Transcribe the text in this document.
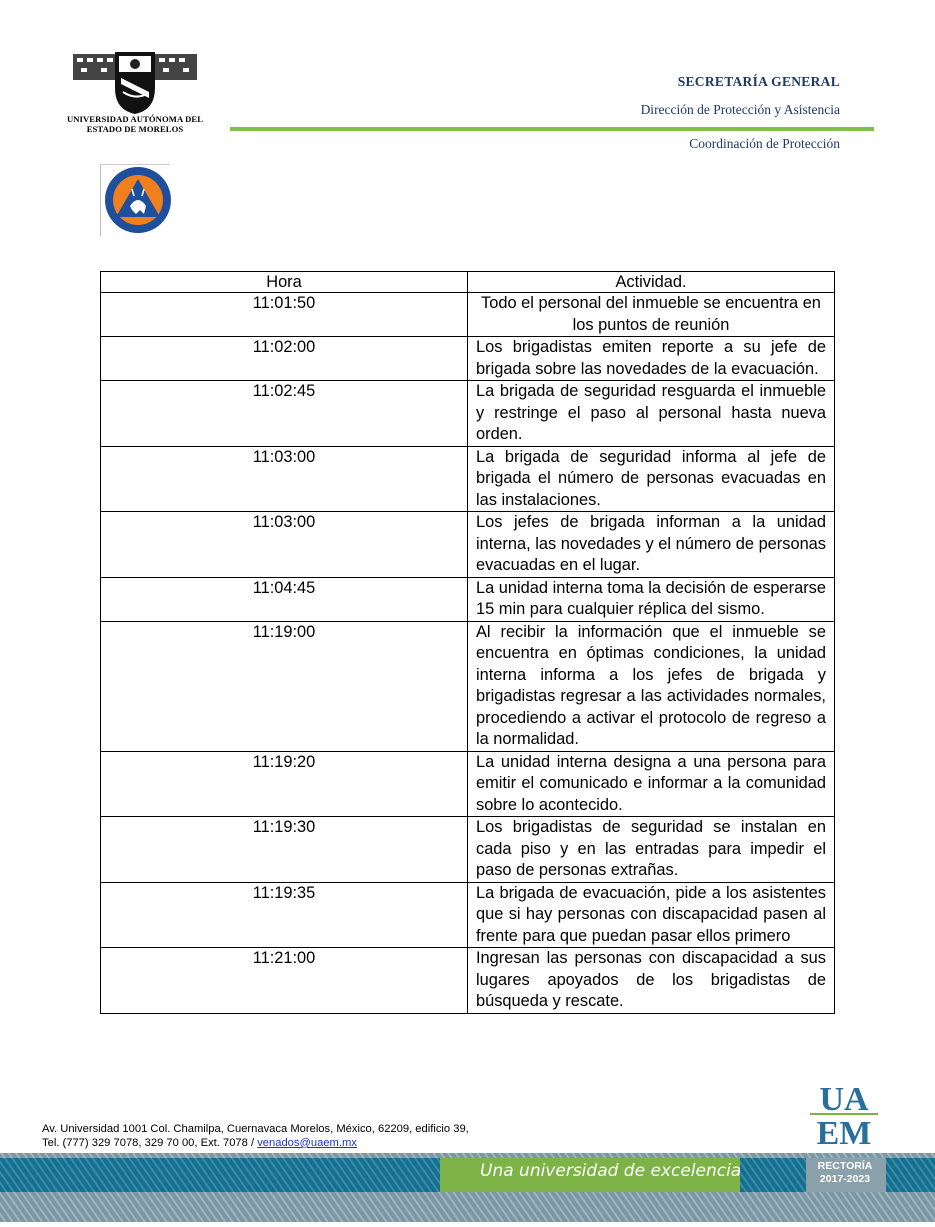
UNIVERSIDAD AUTÓNOMA DEL
ESTADO DE MORELOS
SECRETARÍA GENERAL
Dirección de Protección y Asistencia
Coordinación de Protección
Hora	Actividad.
11:01:50	Todo el personal del inmueble se encuentra en los puntos de reunión
11:02:00	Los brigadistas emiten reporte a su jefe de brigada sobre las novedades de la evacuación.
11:02:45	La brigada de seguridad resguarda el inmueble y restringe el paso al personal hasta nueva orden.
11:03:00	La brigada de seguridad informa al jefe de brigada el número de personas evacuadas en las instalaciones.
11:03:00	Los jefes de brigada informan a la unidad interna, las novedades y el número de personas evacuadas en el lugar.
11:04:45	La unidad interna toma la decisión de esperarse 15 min para cualquier réplica del sismo.
11:19:00	Al recibir la información que el inmueble se encuentra en óptimas condiciones, la unidad interna informa a los jefes de brigada y brigadistas regresar a las actividades normales, procediendo a activar el protocolo de regreso a la normalidad.
11:19:20	La unidad interna designa a una persona para emitir el comunicado e informar a la comunidad sobre lo acontecido.
11:19:30	Los brigadistas de seguridad se instalan en cada piso y en las entradas para impedir el paso de personas extrañas.
11:19:35	La brigada de evacuación, pide a los asistentes que si hay personas con discapacidad pasen al frente para que puedan pasar ellos primero
11:21:00	Ingresan las personas con discapacidad a sus lugares apoyados de los brigadistas de búsqueda y rescate.
Av. Universidad 1001 Col. Chamilpa, Cuernavaca Morelos, México, 62209, edificio 39,
Tel. (777) 329 7078, 329 70 00, Ext. 7078 / venados@uaem.mx
UA
EM
Una universidad de excelencia	RECTORÍA
2017-2023
